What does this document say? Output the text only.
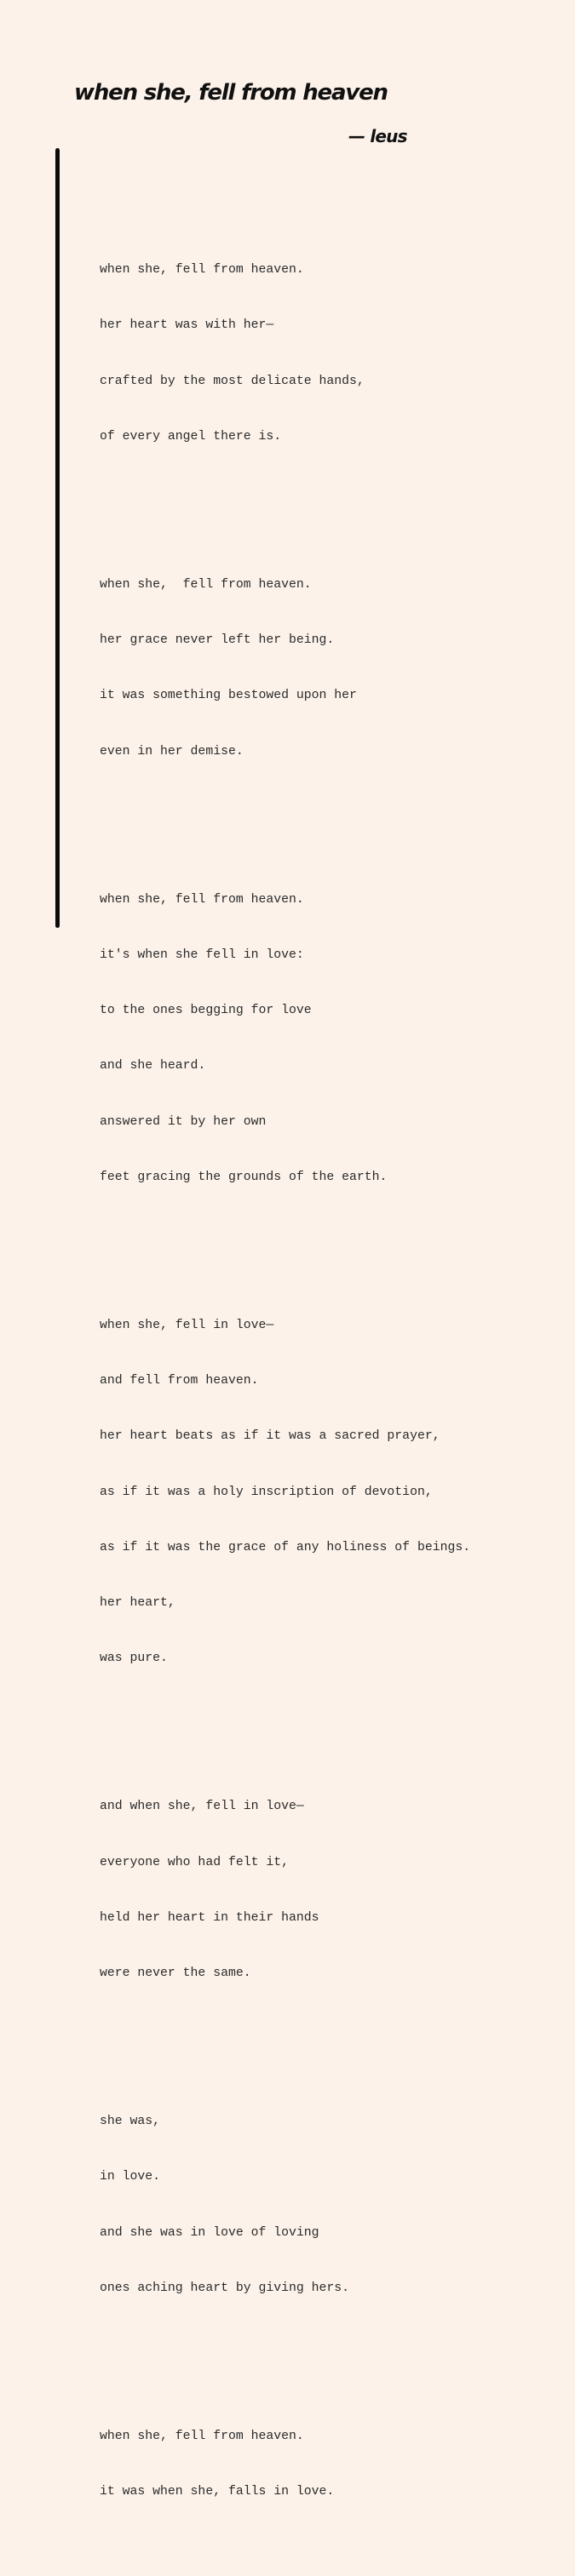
when she, fell from heaven
— leus

when she, fell from heaven.

her heart was with her—

crafted by the most delicate hands,

of every angel there is.

when she,  fell from heaven.

her grace never left her being.

it was something bestowed upon her

even in her demise.

when she, fell from heaven.

it's when she fell in love:

to the ones begging for love

and she heard.

answered it by her own

feet gracing the grounds of the earth.

when she, fell in love—

and fell from heaven.

her heart beats as if it was a sacred prayer,

as if it was a holy inscription of devotion,

as if it was the grace of any holiness of beings.

her heart,

was pure.

and when she, fell in love—

everyone who had felt it,

held her heart in their hands

were never the same.

she was,

in love.

and she was in love of loving

ones aching heart by giving hers.

when she, fell from heaven.

it was when she, falls in love.
